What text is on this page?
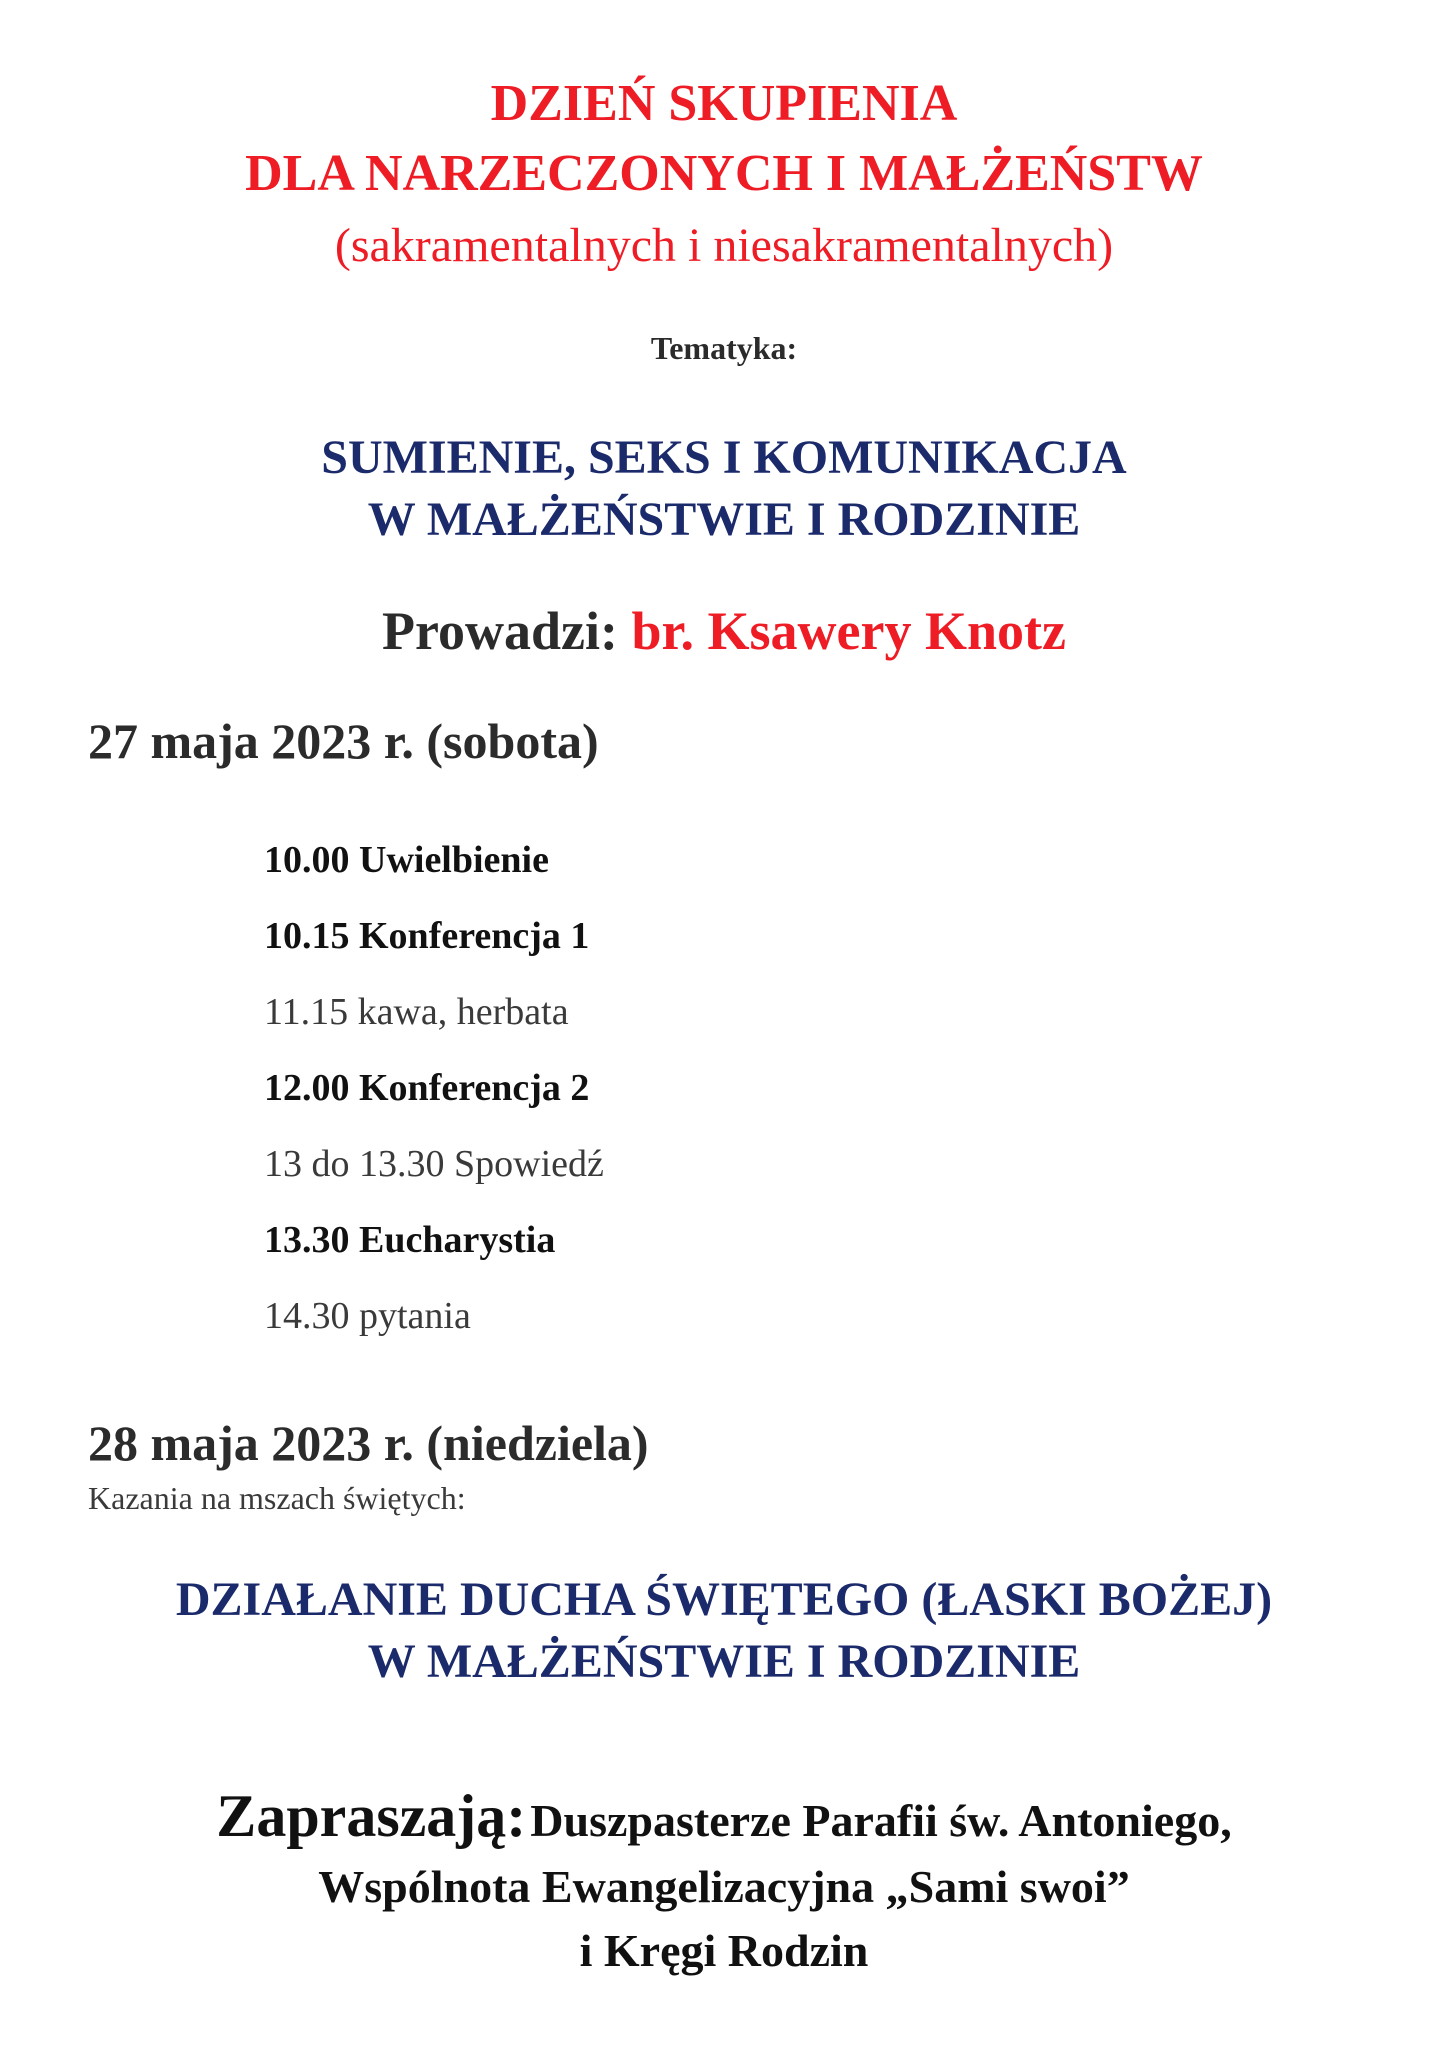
DZIEŃ SKUPIENIA
DLA NARZECZONYCH I MAŁŻEŃSTW
(sakramentalnych i niesakramentalnych)
Tematyka:
SUMIENIE, SEKS I KOMUNIKACJA
W MAŁŻEŃSTWIE I RODZINIE
Prowadzi: br. Ksawery Knotz
27 maja 2023 r. (sobota)
10.00 Uwielbienie
10.15 Konferencja 1
11.15 kawa, herbata
12.00 Konferencja 2
13 do 13.30 Spowiedź
13.30 Eucharystia
14.30 pytania
28 maja 2023 r. (niedziela)
Kazania na mszach świętych:
DZIAŁANIE DUCHA ŚWIĘTEGO (ŁASKI BOŻEJ)
W MAŁŻEŃSTWIE I RODZINIE
Zapraszają: Duszpasterze Parafii św. Antoniego,
Wspólnota Ewangelizacyjna „Sami swoi”
i Kręgi Rodzin
